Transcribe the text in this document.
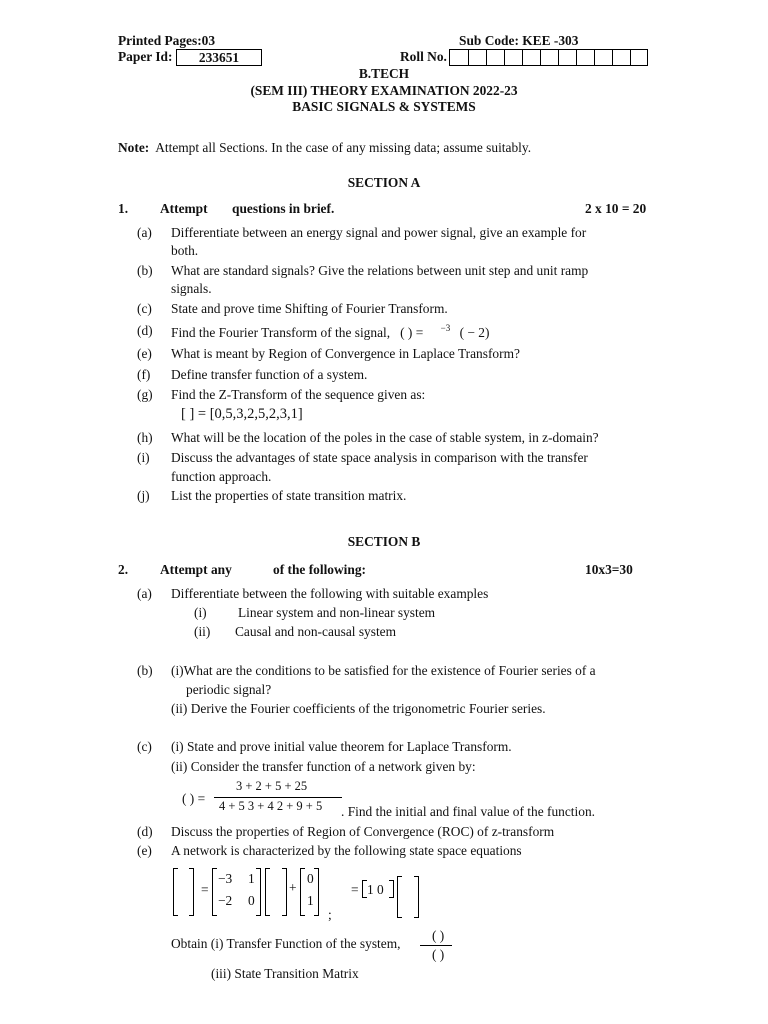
Printed Pages:03	Sub Code: KEE -303
Paper Id:	233651	Roll No.
B.TECH
(SEM III) THEORY EXAMINATION 2022-23
BASIC SIGNALS & SYSTEMS
Note: Attempt all Sections. In the case of any missing data; assume suitably.
SECTION A
1. Attempt questions in brief.	2 x 10 = 20
(a) Differentiate between an energy signal and power signal, give an example for
both.
(b) What are standard signals? Give the relations between unit step and unit ramp
signals.
(c) State and prove time Shifting of Fourier Transform.
(d) Find the Fourier Transform of the signal, ( ) = $^{-3}$ ( − 2)
(e) What is meant by Region of Convergence in Laplace Transform?
(f) Define transfer function of a system.
(g) Find the Z-Transform of the sequence given as:
[ ] = [0,5,3,2,5,2,3,1]
(h) What will be the location of the poles in the case of stable system, in z-domain?
(i) Discuss the advantages of state space analysis in comparison with the transfer
function approach.
(j) List the properties of state transition matrix.
SECTION B
2. Attempt any	of the following:	10x3=30
(a) Differentiate between the following with suitable examples
(i) Linear system and non-linear system
(ii) Causal and non-causal system
(b) (i)What are the conditions to be satisfied for the existence of Fourier series of a
periodic signal?
(ii) Derive the Fourier coefficients of the trigonometric Fourier series.
(c) (i) State and prove initial value theorem for Laplace Transform.
(ii) Consider the transfer function of a network given by:
( ) =
3 + 2 + 5 + 25
4 + 5 3 + 4 2 + 9 + 5 . Find the initial and final value of the function.
(d) Discuss the properties of Region of Convergence (ROC) of z-transform
(e) A network is characterized by the following state space equations
=
−3 1
−2 0
+
0
1
;
= 1 0
Obtain (i) Transfer Function of the system,
( )
( )
(iii) State Transition Matrix
